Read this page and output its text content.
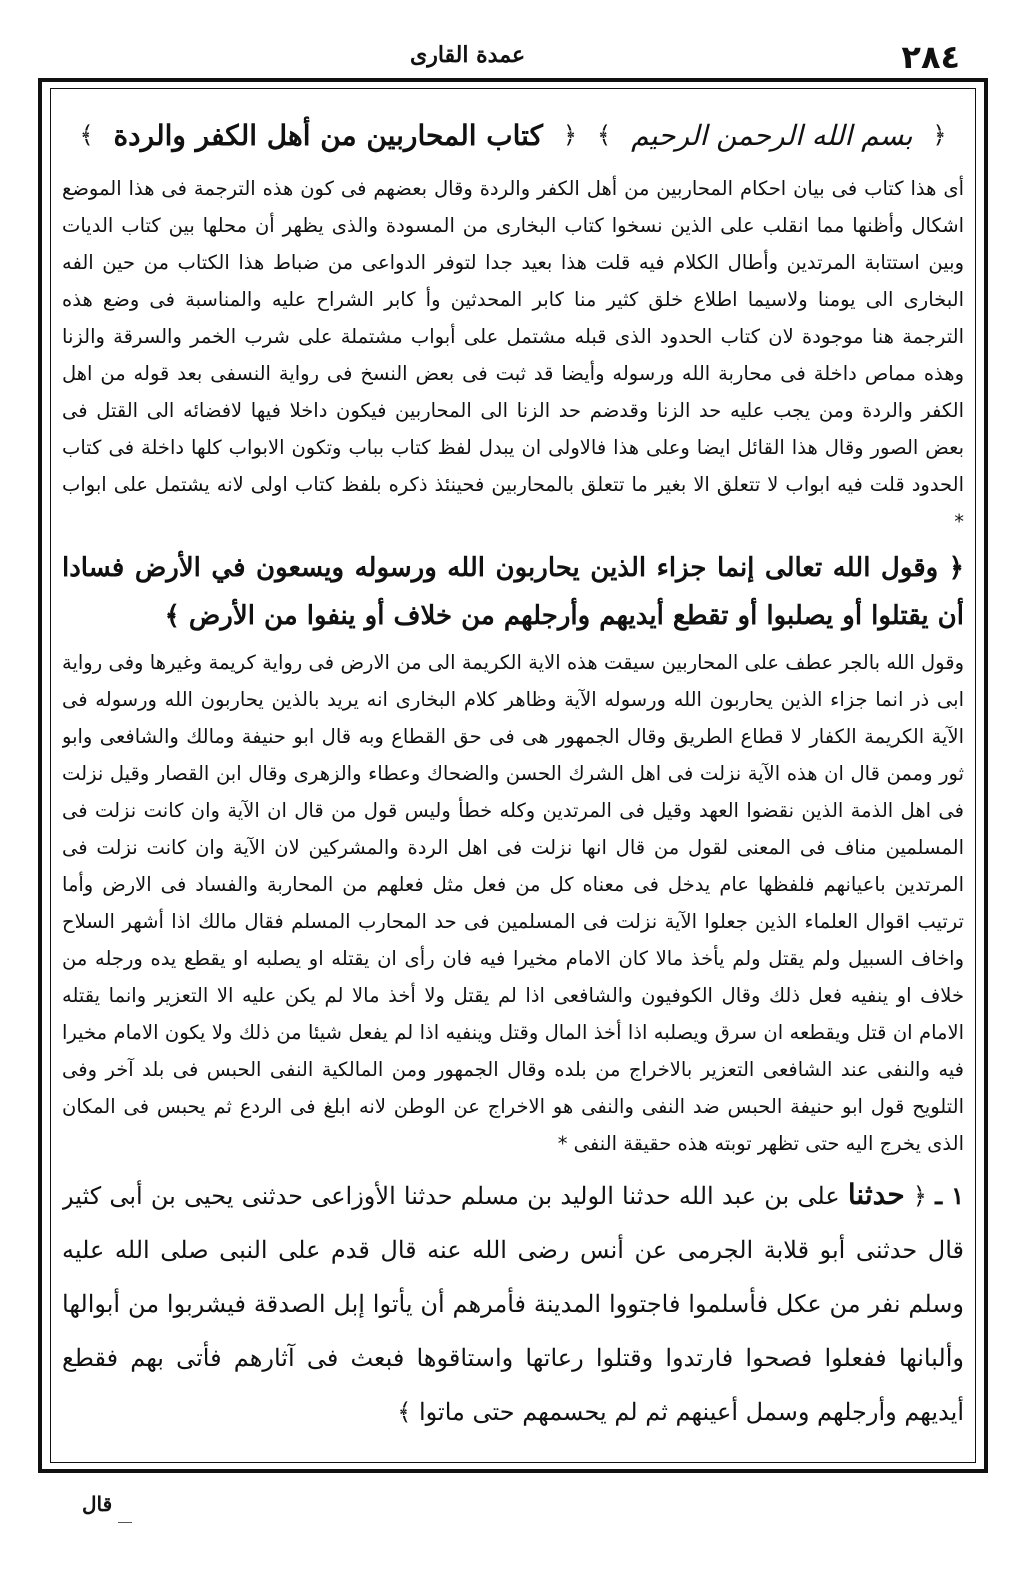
٢٨٤
عمدة القارى
﴿
بسم الله الرحمن الرحيم
﴾
﴿
كتاب المحاربين من أهل الكفر والردة
﴾

أى هذا كتاب فى بيان احكام المحاربين من أهل الكفر والردة وقال بعضهم فى كون هذه الترجمة فى هذا الموضع اشكال وأظنها مما انقلب على الذين نسخوا كتاب البخارى من المسودة والذى يظهر أن محلها بين كتاب الديات وبين استتابة المرتدين وأطال الكلام فيه قلت هذا بعيد جدا لتوفر الدواعى من ضباط هذا الكتاب من حين الفه البخارى الى يومنا ولاسيما اطلاع خلق كثير منا كابر المحدثين وأ كابر الشراح عليه والمناسبة فى وضع هذه الترجمة هنا موجودة لان كتاب الحدود الذى قبله مشتمل على أبواب مشتملة على شرب الخمر والسرقة والزنا وهذه مماص داخلة فى محاربة الله ورسوله وأيضا قد ثبت فى بعض النسخ فى رواية النسفى بعد قوله من اهل الكفر والردة ومن يجب عليه حد الزنا وقدضم حد الزنا الى المحاربين فيكون داخلا فيها لافضائه الى القتل فى بعض الصور وقال هذا القائل ايضا وعلى هذا فالاولى ان يبدل لفظ كتاب بباب وتكون الابواب كلها داخلة فى كتاب الحدود قلت فيه ابواب لا تتعلق الا بغير ما تتعلق بالمحاربين فحينئذ ذكره بلفظ كتاب اولى لانه يشتمل على ابواب *

﴿ وقول الله تعالى إنما جزاء الذين يحاربون الله ورسوله ويسعون في الأرض فسادا أن يقتلوا أو يصلبوا أو تقطع أيديهم وأرجلهم من خلاف أو ينفوا من الأرض ﴾

وقول الله بالجر عطف على المحاربين سيقت هذه الاية الكريمة الى من الارض فى رواية كريمة وغيرها وفى رواية ابى ذر انما جزاء الذين يحاربون الله ورسوله الآية وظاهر كلام البخارى انه يريد بالذين يحاربون الله ورسوله فى الآية الكريمة الكفار لا قطاع الطريق وقال الجمهور هى فى حق القطاع وبه قال ابو حنيفة ومالك والشافعى وابو ثور وممن قال ان هذه الآية نزلت فى اهل الشرك الحسن والضحاك وعطاء والزهرى وقال ابن القصار وقيل نزلت فى اهل الذمة الذين نقضوا العهد وقيل فى المرتدين وكله خطأ وليس قول من قال ان الآية وان كانت نزلت فى المسلمين مناف فى المعنى لقول من قال انها نزلت فى اهل الردة والمشركين لان الآية وان كانت نزلت فى المرتدين باعيانهم فلفظها عام يدخل فى معناه كل من فعل مثل فعلهم من المحاربة والفساد فى الارض وأما ترتيب اقوال العلماء الذين جعلوا الآية نزلت فى المسلمين فى حد المحارب المسلم فقال مالك اذا أشهر السلاح واخاف السبيل ولم يقتل ولم يأخذ مالا كان الامام مخيرا فيه فان رأى ان يقتله او يصلبه او يقطع يده ورجله من خلاف او ينفيه فعل ذلك وقال الكوفيون والشافعى اذا لم يقتل ولا أخذ مالا لم يكن عليه الا التعزير وانما يقتله الامام ان قتل ويقطعه ان سرق ويصلبه اذا أخذ المال وقتل وينفيه اذا لم يفعل شيئا من ذلك ولا يكون الامام مخيرا فيه والنفى عند الشافعى التعزير بالاخراج من بلده وقال الجمهور ومن المالكية النفى الحبس فى بلد آخر وفى التلويح قول ابو حنيفة الحبس ضد النفى والنفى هو الاخراج عن الوطن لانه ابلغ فى الردع ثم يحبس فى المكان الذى يخرج اليه حتى تظهر توبته هذه حقيقة النفى *

١ ـ ﴿ حدثنا على بن عبد الله حدثنا الوليد بن مسلم حدثنا الأوزاعى حدثنى يحيى بن أبى كثير قال حدثنى أبو قلابة الجرمى عن أنس رضى الله عنه قال قدم على النبى صلى الله عليه وسلم نفر من عكل فأسلموا فاجتووا المدينة فأمرهم أن يأتوا إبل الصدقة فيشربوا من أبوالها وألبانها ففعلوا فصحوا فارتدوا وقتلوا رعاتها واستاقوها فبعث فى آثارهم فأتى بهم فقطع أيديهم وأرجلهم وسمل أعينهم ثم لم يحسمهم حتى ماتوا ﴾

قال
